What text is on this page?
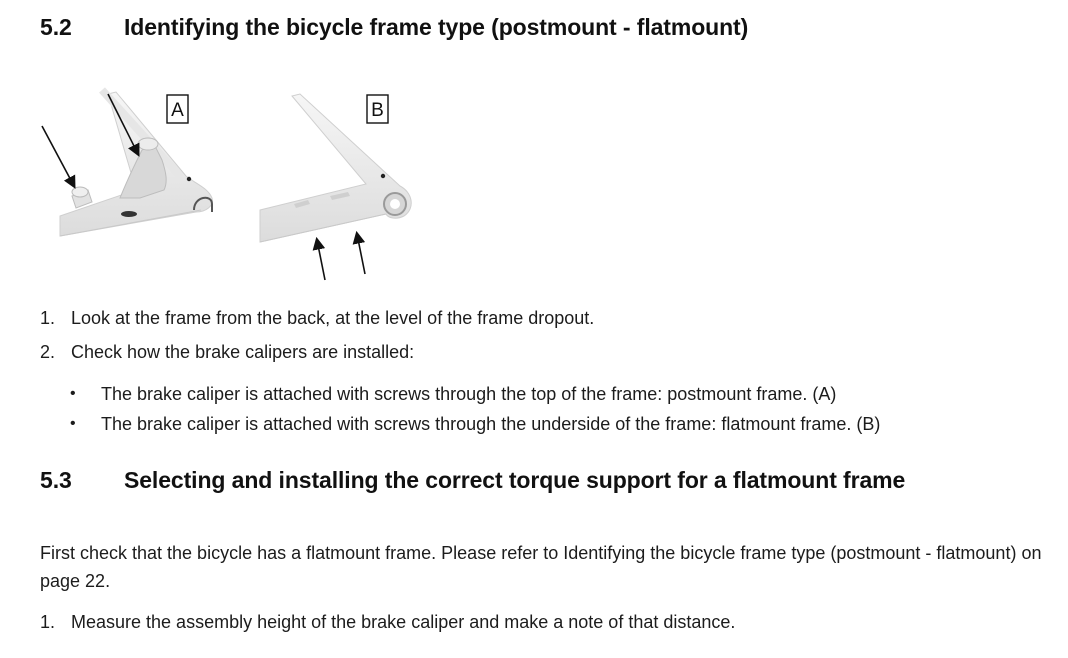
5.2	Identifying the bicycle frame type (postmount - flatmount)
A	B
1. Look at the frame from the back, at the level of the frame dropout.
2. Check how the brake calipers are installed:
•	The brake caliper is attached with screws through the top of the frame: postmount frame. (A)
•	The brake caliper is attached with screws through the underside of the frame: flatmount frame. (B)
5.3	Selecting and installing the correct torque support for a flatmount frame
First check that the bicycle has a flatmount frame. Please refer to Identifying the bicycle frame type (postmount - flatmount) on page 22.
1. Measure the assembly height of the brake caliper and make a note of that distance.
